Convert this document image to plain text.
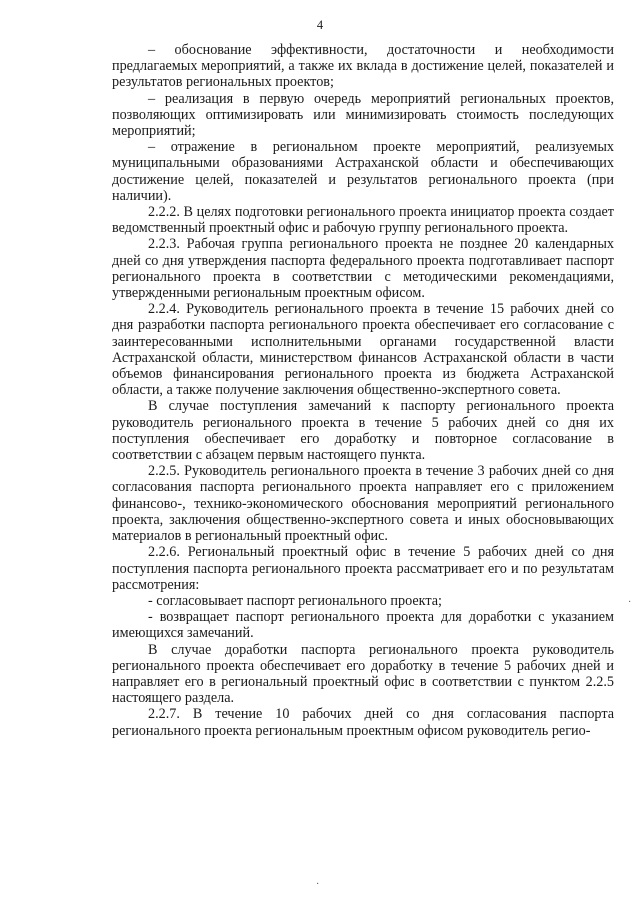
4

– обоснование эффективности, достаточности и необходимости предлагаемых мероприятий, а также их вклада в достижение целей, показателей и результатов региональных проектов;

– реализация в первую очередь мероприятий региональных проектов, позволяющих оптимизировать или минимизировать стоимость последующих мероприятий;

– отражение в региональном проекте мероприятий, реализуемых муниципальными образованиями Астраханской области и обеспечивающих достижение целей, показателей и результатов регионального проекта (при наличии).

2.2.2. В целях подготовки регионального проекта инициатор проекта создает ведомственный проектный офис и рабочую группу регионального проекта.

2.2.3. Рабочая группа регионального проекта не позднее 20 календарных дней со дня утверждения паспорта федерального проекта подготавливает паспорт регионального проекта в соответствии с методическими рекомендациями, утвержденными региональным проектным офисом.

2.2.4. Руководитель регионального проекта в течение 15 рабочих дней со дня разработки паспорта регионального проекта обеспечивает его согласование с заинтересованными исполнительными органами государственной власти Астраханской области, министерством финансов Астраханской области в части объемов финансирования регионального проекта из бюджета Астраханской области, а также получение заключения общественно-экспертного совета.

В случае поступления замечаний к паспорту регионального проекта руководитель регионального проекта в течение 5 рабочих дней со дня их поступления обеспечивает его доработку и повторное согласование в соответствии с абзацем первым настоящего пункта.

2.2.5. Руководитель регионального проекта в течение 3 рабочих дней со дня согласования паспорта регионального проекта направляет его с приложением финансово-, технико-экономического обоснования мероприятий регионального проекта, заключения общественно-экспертного совета и иных обосновывающих материалов в региональный проектный офис.

2.2.6. Региональный проектный офис в течение 5 рабочих дней со дня поступления паспорта регионального проекта рассматривает его и по результатам рассмотрения:

- согласовывает паспорт регионального проекта;

- возвращает паспорт регионального проекта для доработки с указанием имеющихся замечаний.

В случае доработки паспорта регионального проекта руководитель регионального проекта обеспечивает его доработку в течение 5 рабочих дней и направляет его в региональный проектный офис в соответствии с пунктом 2.2.5 настоящего раздела.

2.2.7. В течение 10 рабочих дней со дня согласования паспорта регионального проекта региональным проектным офисом руководитель регио-

·
·
